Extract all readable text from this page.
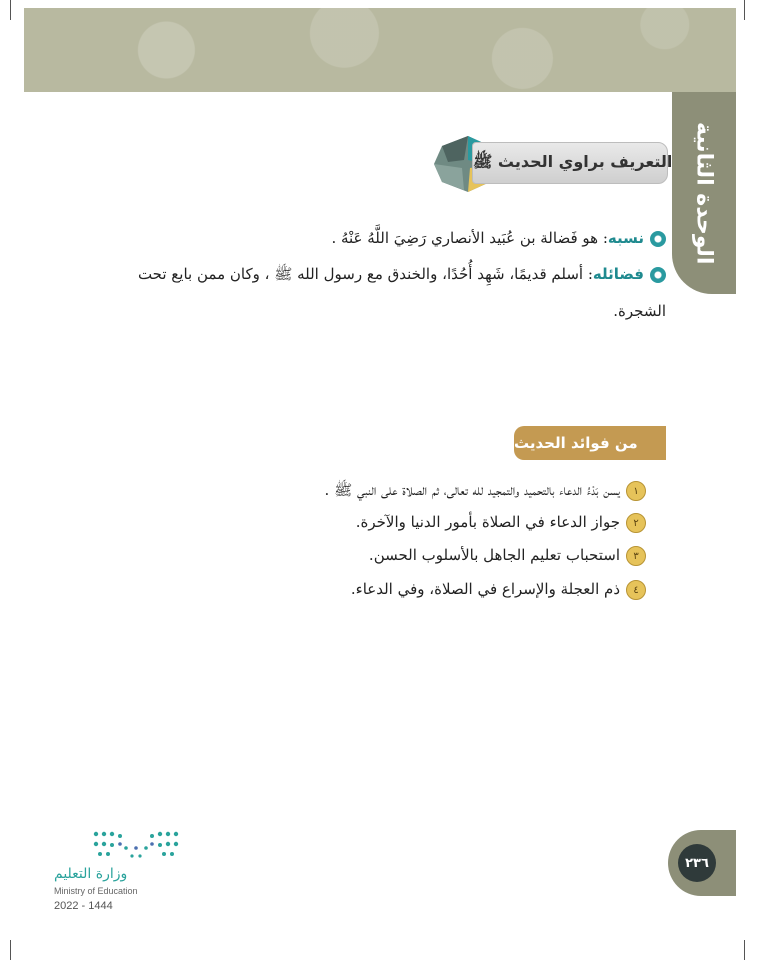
الوحدة الثانية
التعريف براوي الحديث ﷺ
نسبه: هو فَضالة بن عُبَيد الأنصاري رَضِيَ اللَّهُ عَنْهُ .
فضائله: أسلم قديمًا، شَهِد أُحُدًا، والخندق مع رسول الله ﷺ ، وكان ممن بايع تحت
الشجرة.
من فوائد الحديث
١يسن بَدْءُ الدعاء بالتحميد والتمجيد لله تعالى، ثم الصلاة على النبي ﷺ .
٢جواز الدعاء في الصلاة بأمور الدنيا والآخرة.
٣استحباب تعليم الجاهل بالأسلوب الحسن.
٤ذم العجلة والإسراع في الصلاة، وفي الدعاء.
٢٣٦
وزارة التعليم
Ministry of Education
2022 - 1444
